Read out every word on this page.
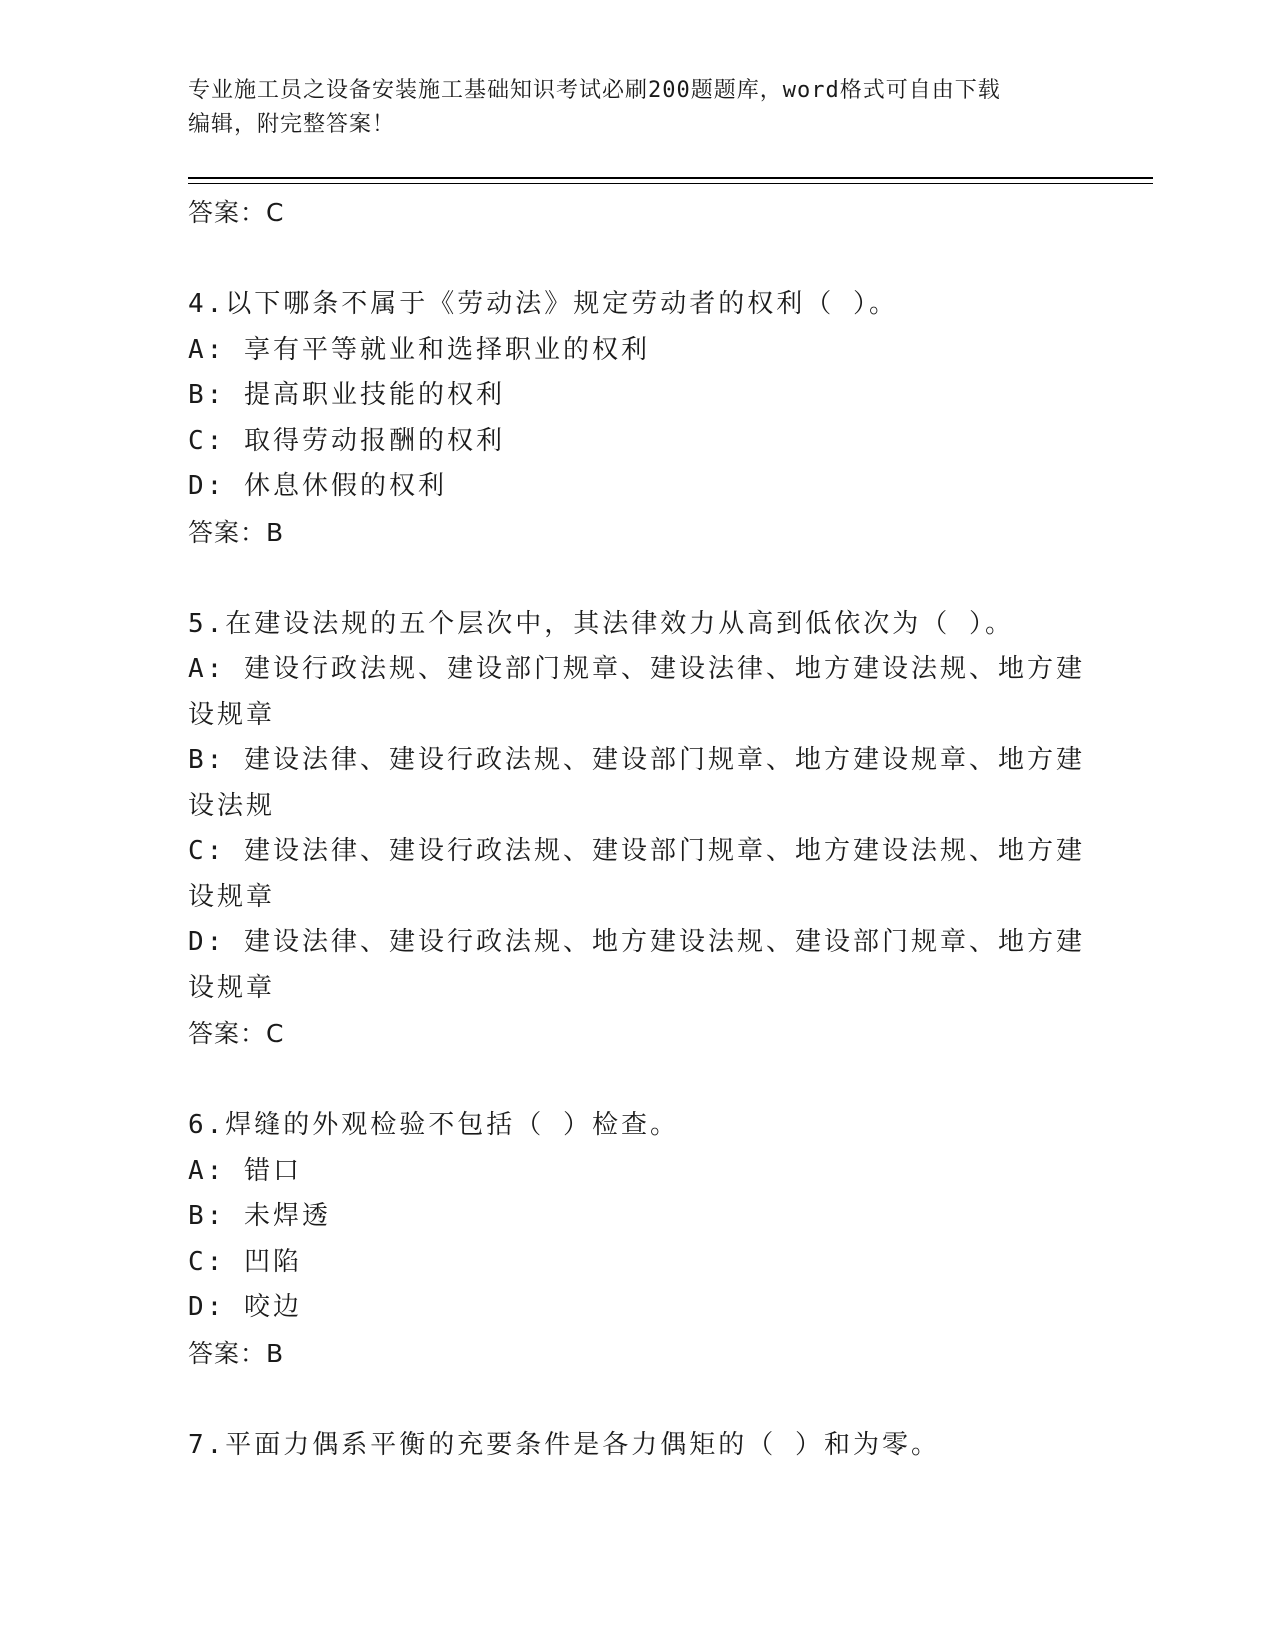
专业施工员之设备安装施工基础知识考试必刷200题题库，word格式可自由下载
编辑，附完整答案！
答案：C
4.以下哪条不属于《劳动法》规定劳动者的权利（ ）。
A: 享有平等就业和选择职业的权利
B: 提高职业技能的权利
C: 取得劳动报酬的权利
D: 休息休假的权利
答案：B
5.在建设法规的五个层次中，其法律效力从高到低依次为（ ）。
A: 建设行政法规、建设部门规章、建设法律、地方建设法规、地方建
设规章
B: 建设法律、建设行政法规、建设部门规章、地方建设规章、地方建
设法规
C: 建设法律、建设行政法规、建设部门规章、地方建设法规、地方建
设规章
D: 建设法律、建设行政法规、地方建设法规、建设部门规章、地方建
设规章
答案：C
6.焊缝的外观检验不包括（ ）检查。
A: 错口
B: 未焊透
C: 凹陷
D: 咬边
答案：B
7.平面力偶系平衡的充要条件是各力偶矩的（ ）和为零。
